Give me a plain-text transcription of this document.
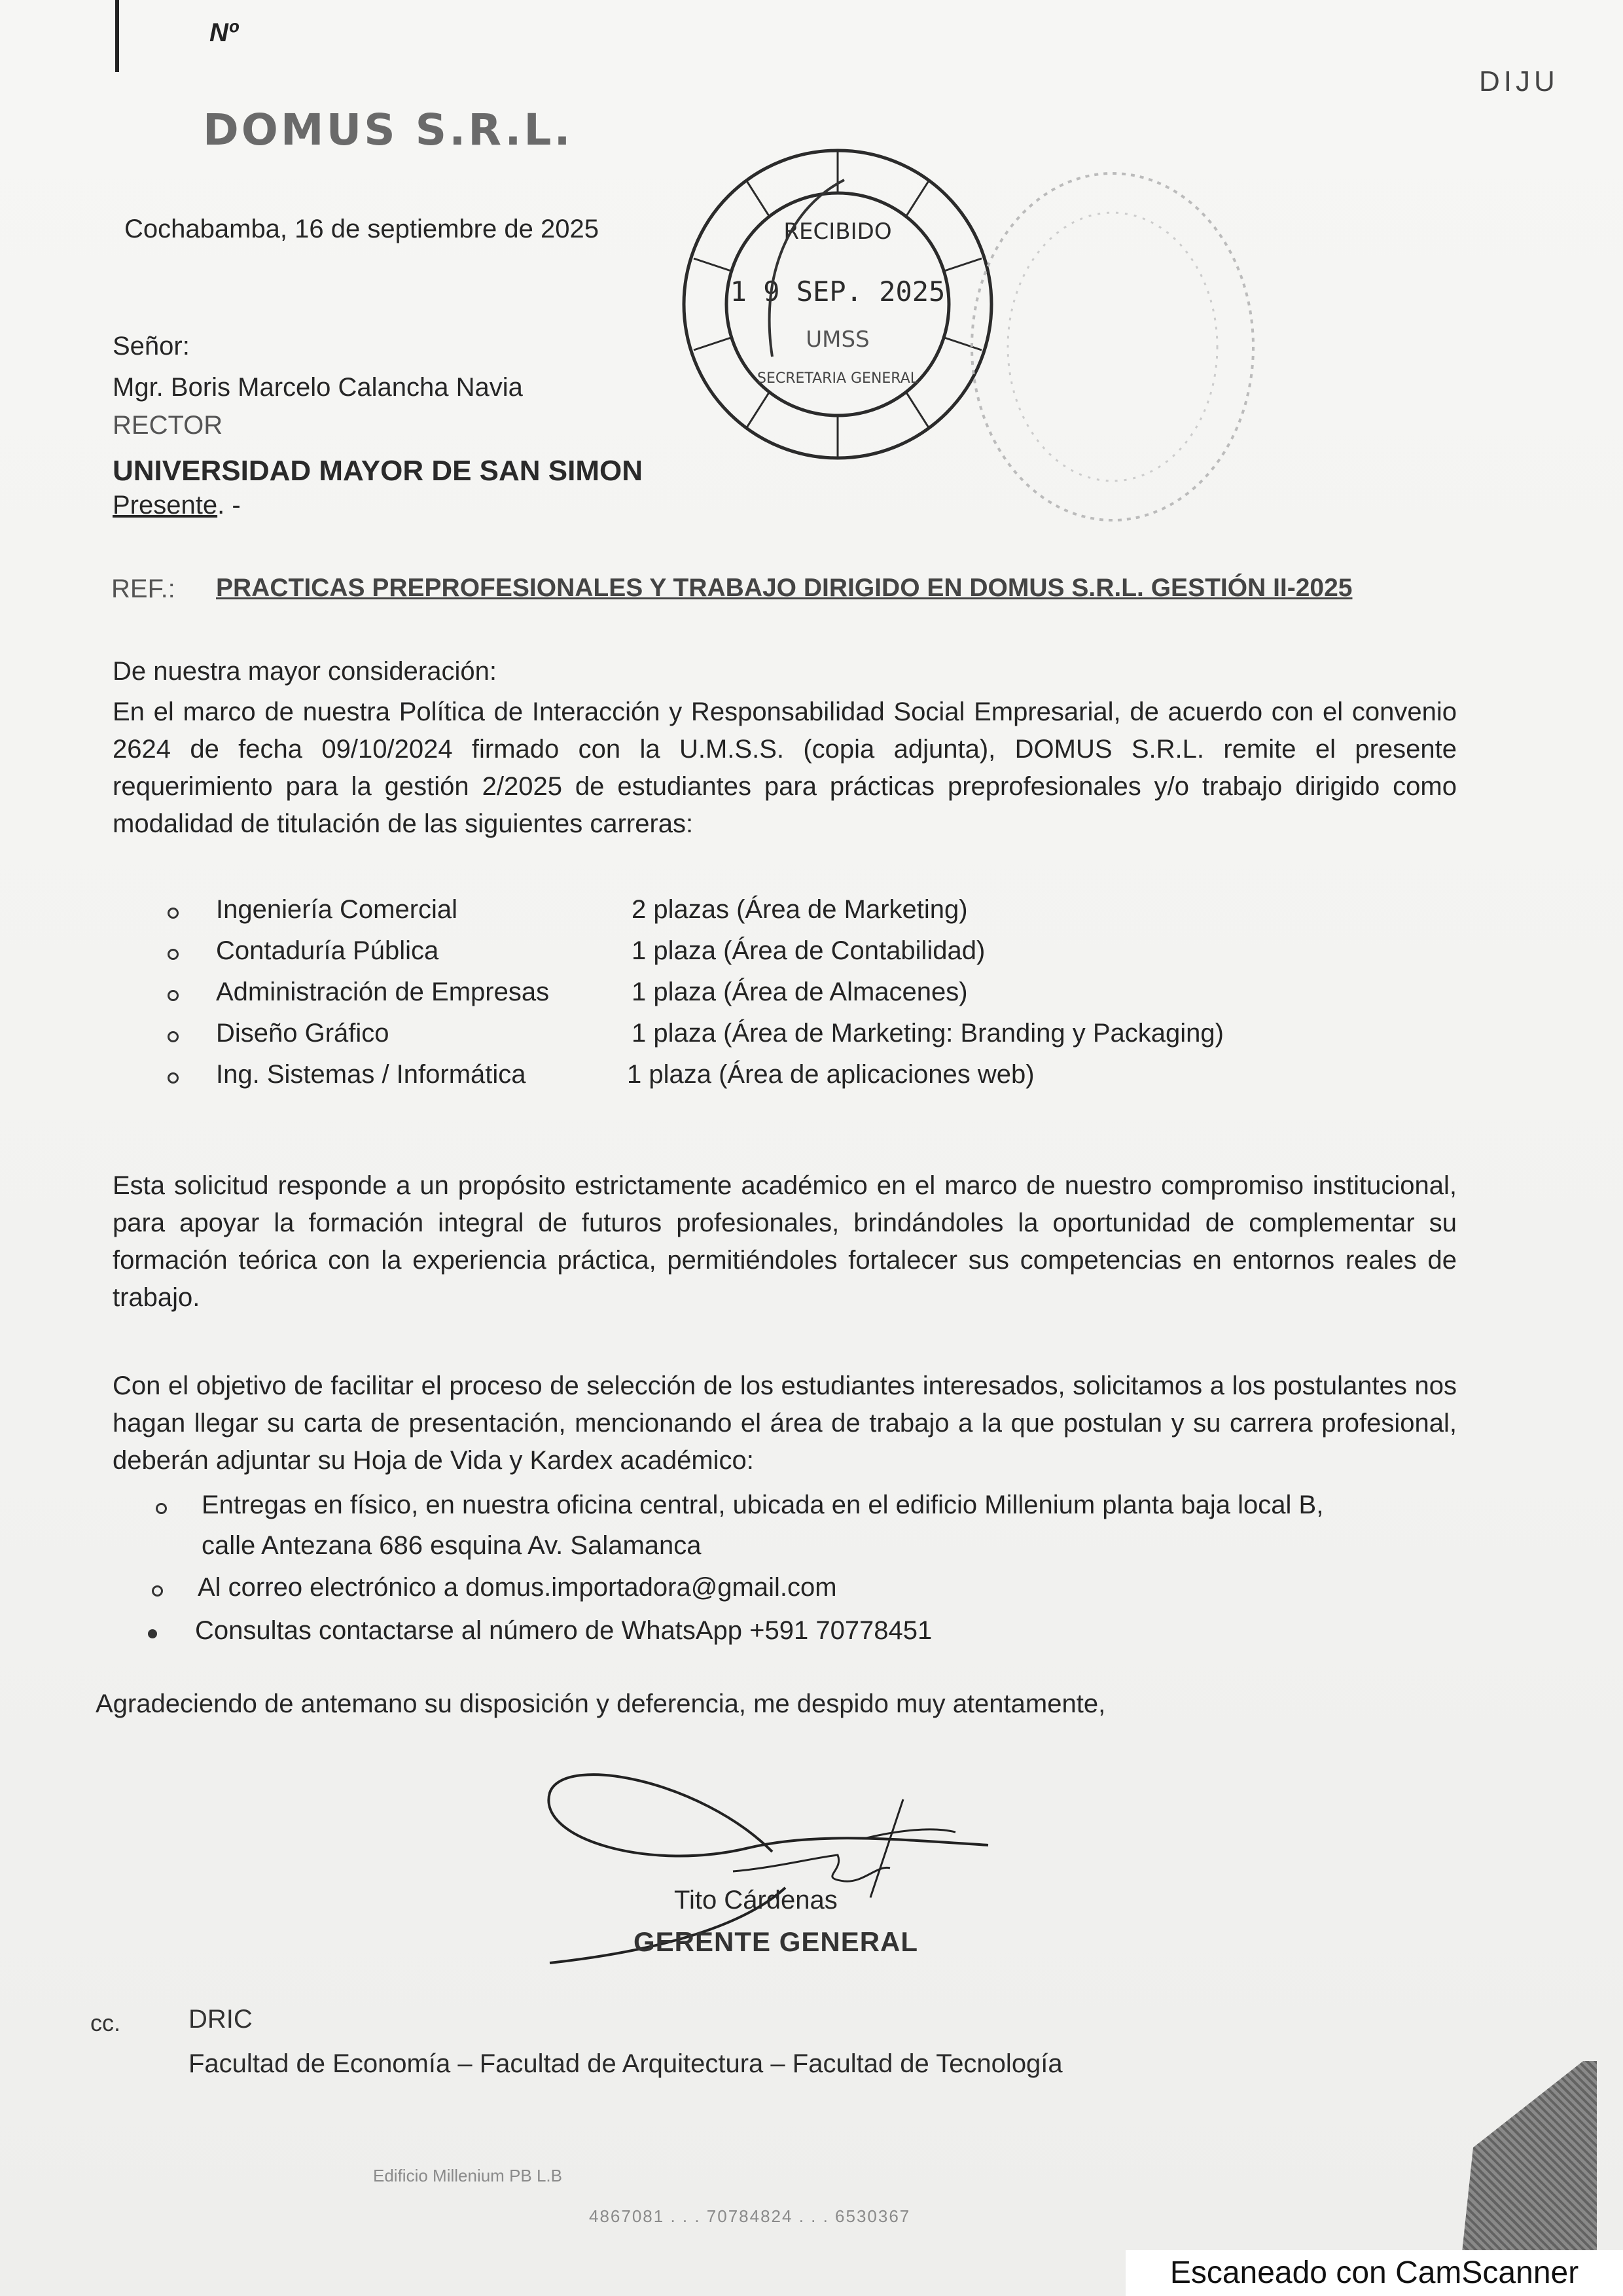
Nº
DIJU
DOMUS S.R.L.
Cochabamba, 16 de septiembre de 2025	RECIBIDO
1 9 SEP. 2025
UMSS
SECRETARIA GENERAL
Señor:
Mgr. Boris Marcelo Calancha Navia
RECTOR
UNIVERSIDAD MAYOR DE SAN SIMON
Presente. -
REF.: PRACTICAS PREPROFESIONALES Y TRABAJO DIRIGIDO EN DOMUS S.R.L. GESTIÓN II-2025
De nuestra mayor consideración:
En el marco de nuestra Política de Interacción y Responsabilidad Social Empresarial, de acuerdo con el convenio 2624 de fecha 09/10/2024 firmado con la U.M.S.S. (copia adjunta), DOMUS S.R.L. remite el presente requerimiento para la gestión 2/2025 de estudiantes para prácticas preprofesionales y/o trabajo dirigido como modalidad de titulación de las siguientes carreras:
Ingeniería Comercial	2 plazas (Área de Marketing)
Contaduría Pública	1 plaza (Área de Contabilidad)
Administración de Empresas	1 plaza (Área de Almacenes)
Diseño Gráfico	1 plaza (Área de Marketing: Branding y Packaging)
Ing. Sistemas / Informática	1 plaza (Área de aplicaciones web)
Esta solicitud responde a un propósito estrictamente académico en el marco de nuestro compromiso institucional, para apoyar la formación integral de futuros profesionales, brindándoles la oportunidad de complementar su formación teórica con la experiencia práctica, permitiéndoles fortalecer sus competencias en entornos reales de trabajo.
Con el objetivo de facilitar el proceso de selección de los estudiantes interesados, solicitamos a los postulantes nos hagan llegar su carta de presentación, mencionando el área de trabajo a la que postulan y su carrera profesional, deberán adjuntar su Hoja de Vida y Kardex académico:
Entregas en físico, en nuestra oficina central, ubicada en el edificio Millenium planta baja local B,
calle Antezana 686 esquina Av. Salamanca
Al correo electrónico a domus.importadora@gmail.com
Consultas contactarse al número de WhatsApp +591 70778451
Agradeciendo de antemano su disposición y deferencia, me despido muy atentamente,
Tito Cárdenas
GERENTE GENERAL
cc.	DRIC
Facultad de Economía – Facultad de Arquitectura – Facultad de Tecnología
Edificio Millenium PB L.B
4867081 . . . 70784824 . . . 6530367
Escaneado con CamScanner
